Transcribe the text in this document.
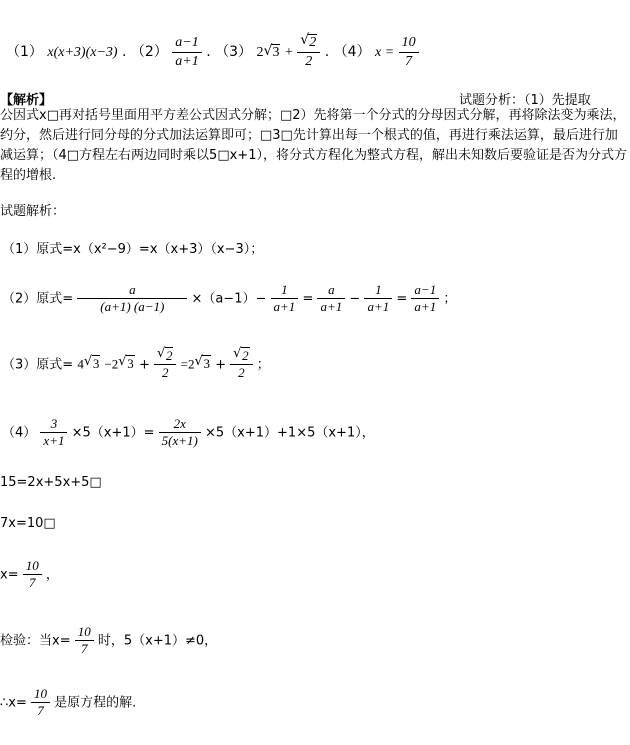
（1） x(x+3)(x−3) . $(2) \frac{a-1}{a+1}$ . （3） 2√ 3 +
√ $\frac{2}{2}$ . （4） $x = \frac{10}{7}$
【解析】	试题分析：（1）先提取
公因式x□再对括号里面用平方差公式因式分解；□2）先将第一个分式的分母因式分解，再将除法变为乘法，约分，然后进行同分母的分式加法运算即可；□3□先计算出每一个根式的值，再进行乘法运算，最后进行加减运算；（4□方程左右两边同时乘以5□x+1），将分式方程化为整式方程，解出未知数后要验证是否为分式方程的增根.
试题解析：
（1）原式=x（x²−9）=x（x+3）（x−3）；
（2）原式= $\frac{a}{(a+1) (a-1)} \times(a-1)- \frac{1}{a+1} = \frac{a}{a+1} - \frac{1}{a+1} = \frac{a-1}{a+1}$ ；
（3）原式= 4√ 3 −2√ 3 +
√ $\frac{2}{2} =2√$ 3 +
√ $\frac{2}{2}$ ；
$(4) \frac{3}{x+1} \times 5(x+1)= \frac{2x}{5(x+1)} \times 5(x+1)+1\times 5(x+1)$，
15=2x+5x+5□
7x=10□
$x= \frac{10}{7}$ ，
检验：当$x= \frac{10}{7}$ 时，5（x+1）≠0，
∴x= $\frac{10}{7}$ 是原方程的解.
